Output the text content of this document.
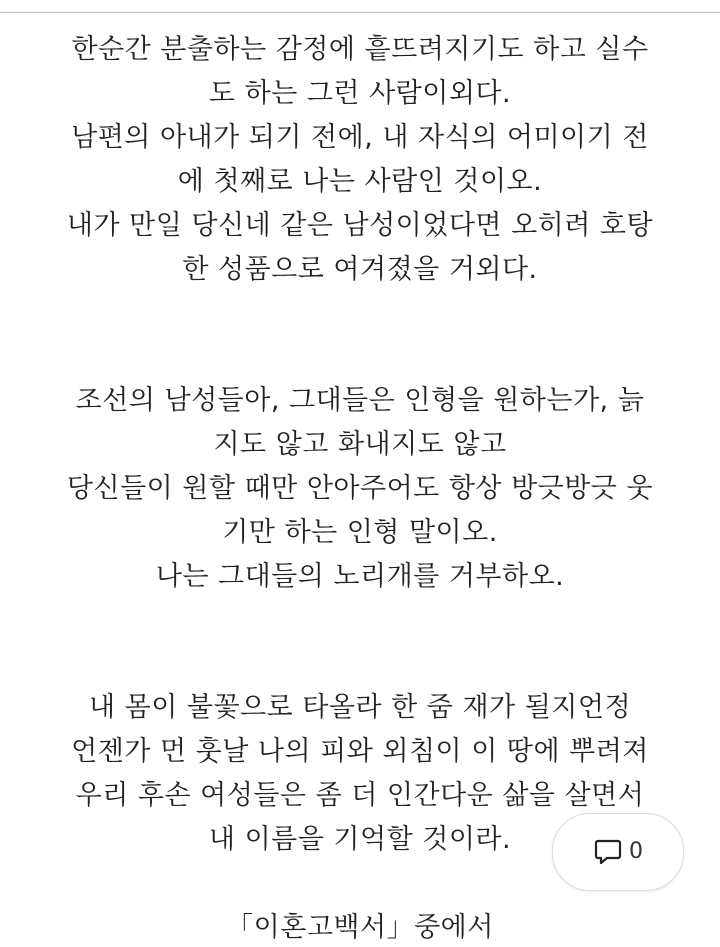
한순간 분출하는 감정에 흩뜨려지기도 하고 실수
도 하는 그런 사람이외다.
남편의 아내가 되기 전에, 내 자식의 어미이기 전
에 첫째로 나는 사람인 것이오.
내가 만일 당신네 같은 남성이었다면 오히려 호탕
한 성품으로 여겨졌을 거외다.

조선의 남성들아, 그대들은 인형을 원하는가, 늙
지도 않고 화내지도 않고
당신들이 원할 때만 안아주어도 항상 방긋방긋 웃
기만 하는 인형 말이오.
나는 그대들의 노리개를 거부하오.

내 몸이 불꽃으로 타올라 한 줌 재가 될지언정
언젠가 먼 훗날 나의 피와 외침이 이 땅에 뿌려져
우리 후손 여성들은 좀 더 인간다운 삶을 살면서
내 이름을 기억할 것이라.

「이혼고백서」중에서
0
